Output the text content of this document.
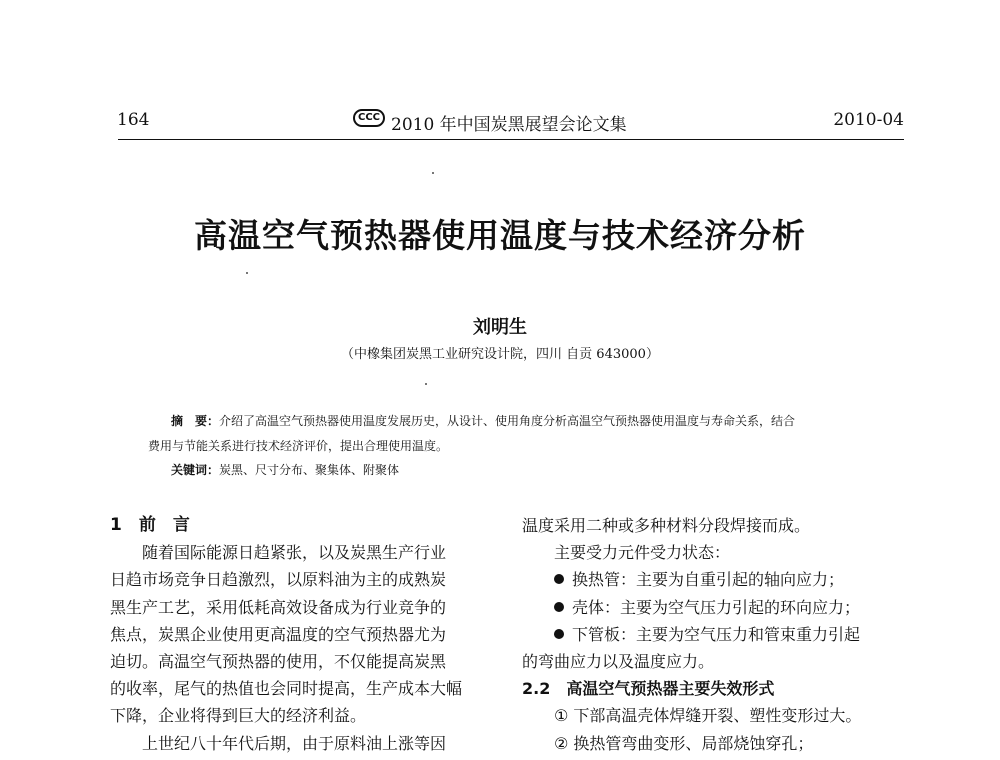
164	CCC 2010 年中国炭黑展望会论文集	2010-04
高温空气预热器使用温度与技术经济分析
刘明生
（中橡集团炭黑工业研究设计院，四川 自贡 643000）
摘　要：介绍了高温空气预热器使用温度发展历史，从设计、使用角度分析高温空气预热器使用温度与寿命关系，结合
费用与节能关系进行技术经济评价，提出合理使用温度。
关键词：炭黑、尺寸分布、聚集体、附聚体

1　前　言

随着国际能源日趋紧张，以及炭黑生产行业

日趋市场竞争日趋激烈，以原料油为主的成熟炭

黑生产工艺，采用低耗高效设备成为行业竞争的

焦点，炭黑企业使用更高温度的空气预热器尤为

迫切。高温空气预热器的使用，不仅能提高炭黑

的收率，尾气的热值也会同时提高，生产成本大幅

下降，企业将得到巨大的经济利益。

上世纪八十年代后期，由于原料油上涨等因

温度采用二种或多种材料分段焊接而成。

主要受力元件受力状态：

换热管：主要为自重引起的轴向应力；

壳体：主要为空气压力引起的环向应力；

下管板：主要为空气压力和管束重力引起

的弯曲应力以及温度应力。

2.2　高温空气预热器主要失效形式

① 下部高温壳体焊缝开裂、塑性变形过大。

② 换热管弯曲变形、局部烧蚀穿孔；
